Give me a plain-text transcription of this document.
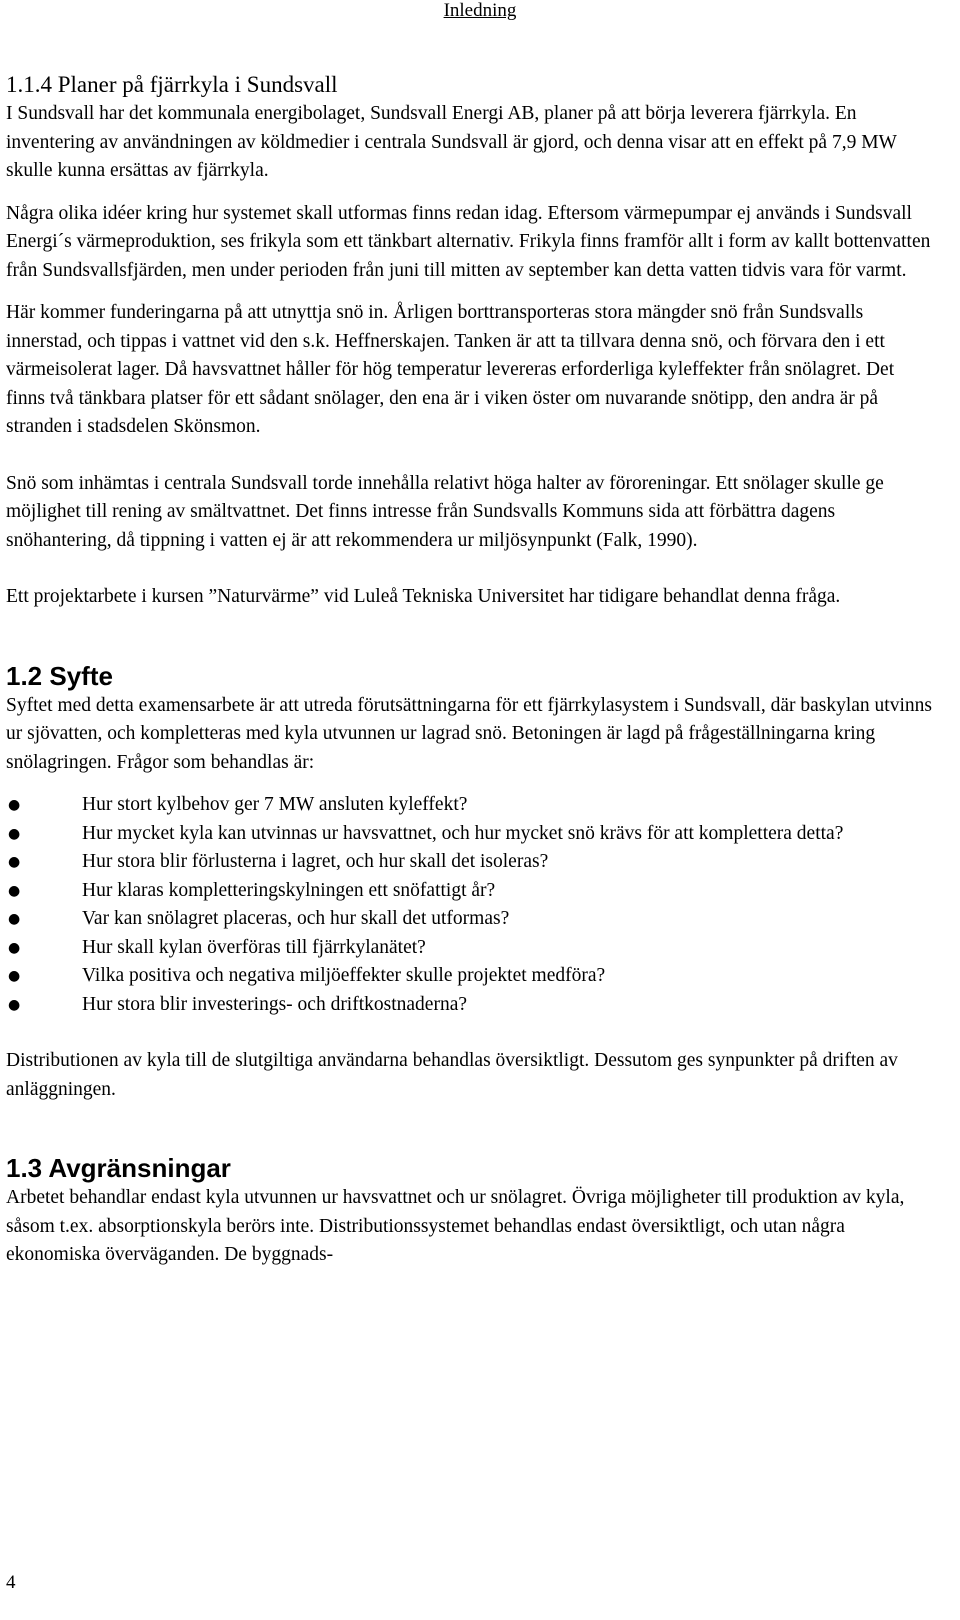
Inledning
1.1.4 Planer på fjärrkyla i Sundsvall

I Sundsvall har det kommunala energibolaget, Sundsvall Energi AB, planer på att börja leverera fjärrkyla. En inventering av användningen av köldmedier i centrala Sundsvall är gjord, och denna visar att en effekt på 7,9 MW skulle kunna ersättas av fjärrkyla.

Några olika idéer kring hur systemet skall utformas finns redan idag. Eftersom värmepumpar ej används i Sundsvall Energi´s värmeproduktion, ses frikyla som ett tänkbart alternativ. Frikyla finns framför allt i form av kallt bottenvatten från Sundsvallsfjärden, men under perioden från juni till mitten av september kan detta vatten tidvis vara för varmt.

Här kommer funderingarna på att utnyttja snö in. Årligen borttransporteras stora mängder snö från Sundsvalls innerstad, och tippas i vattnet vid den s.k. Heffnerskajen. Tanken är att ta tillvara denna snö, och förvara den i ett värmeisolerat lager. Då havsvattnet håller för hög temperatur levereras erforderliga kyleffekter från snölagret. Det finns två tänkbara platser för ett sådant snölager, den ena är i viken öster om nuvarande snötipp, den andra är på stranden i stadsdelen Skönsmon.

Snö som inhämtas i centrala Sundsvall torde innehålla relativt höga halter av föroreningar. Ett snölager skulle ge möjlighet till rening av smältvattnet. Det finns intresse från Sundsvalls Kommuns sida att förbättra dagens snöhantering, då tippning i vatten ej är att rekommendera ur miljösynpunkt (Falk, 1990).

Ett projektarbete i kursen ”Naturvärme” vid Luleå Tekniska Universitet har tidigare behandlat denna fråga.

1.2 Syfte

Syftet med detta examensarbete är att utreda förutsättningarna för ett fjärrkylasystem i Sundsvall, där baskylan utvinns ur sjövatten, och kompletteras med kyla utvunnen ur lagrad snö. Betoningen är lagd på frågeställningarna kring snölagringen. Frågor som behandlas är:

●	Hur stort kylbehov ger 7 MW ansluten kyleffekt?
●	Hur mycket kyla kan utvinnas ur havsvattnet, och hur mycket snö krävs för att komplettera detta?
●	Hur stora blir förlusterna i lagret, och hur skall det isoleras?
●	Hur klaras kompletteringskylningen ett snöfattigt år?
●	Var kan snölagret placeras, och hur skall det utformas?
●	Hur skall kylan överföras till fjärrkylanätet?
●	Vilka positiva och negativa miljöeffekter skulle projektet medföra?
●	Hur stora blir investerings- och driftkostnaderna?

Distributionen av kyla till de slutgiltiga användarna behandlas översiktligt. Dessutom ges synpunkter på driften av anläggningen.

1.3 Avgränsningar

Arbetet behandlar endast kyla utvunnen ur havsvattnet och ur snölagret. Övriga möjligheter till produktion av kyla, såsom t.ex. absorptionskyla berörs inte. Distributionssystemet behandlas endast översiktligt, och utan några ekonomiska överväganden. De byggnads-

4
